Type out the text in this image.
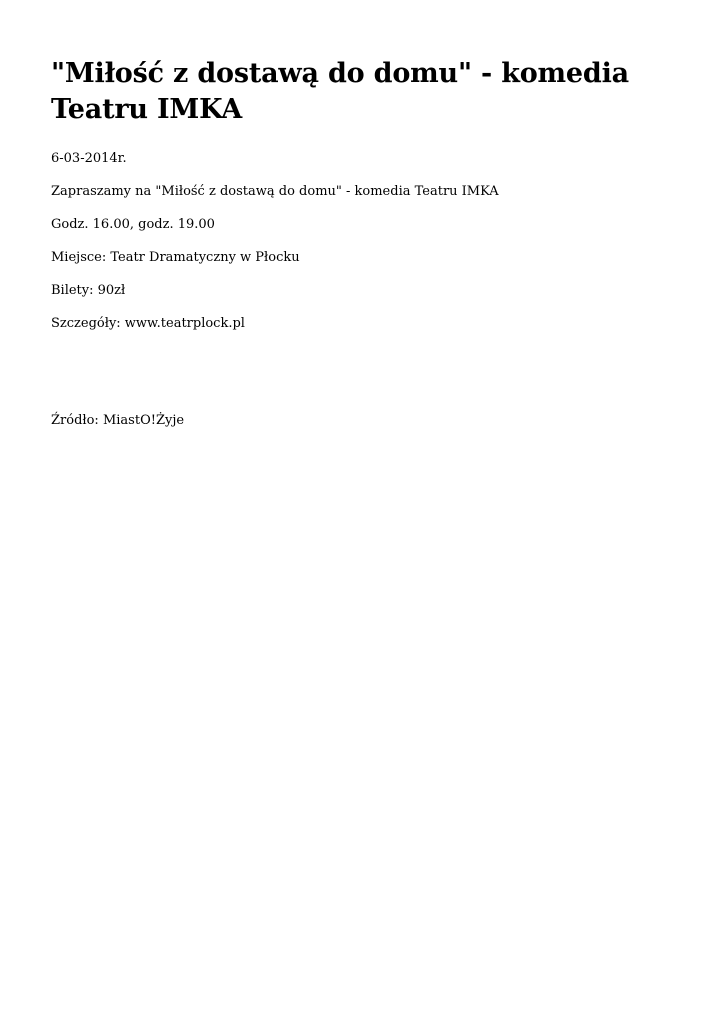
"Miłość z dostawą do domu" - komedia Teatru IMKA

6-03-2014r.

Zapraszamy na "Miłość z dostawą do domu" - komedia Teatru IMKA

Godz. 16.00, godz. 19.00

Miejsce: Teatr Dramatyczny w Płocku

Bilety: 90zł

Szczegóły: www.teatrplock.pl

Źródło: MiastO!Żyje
